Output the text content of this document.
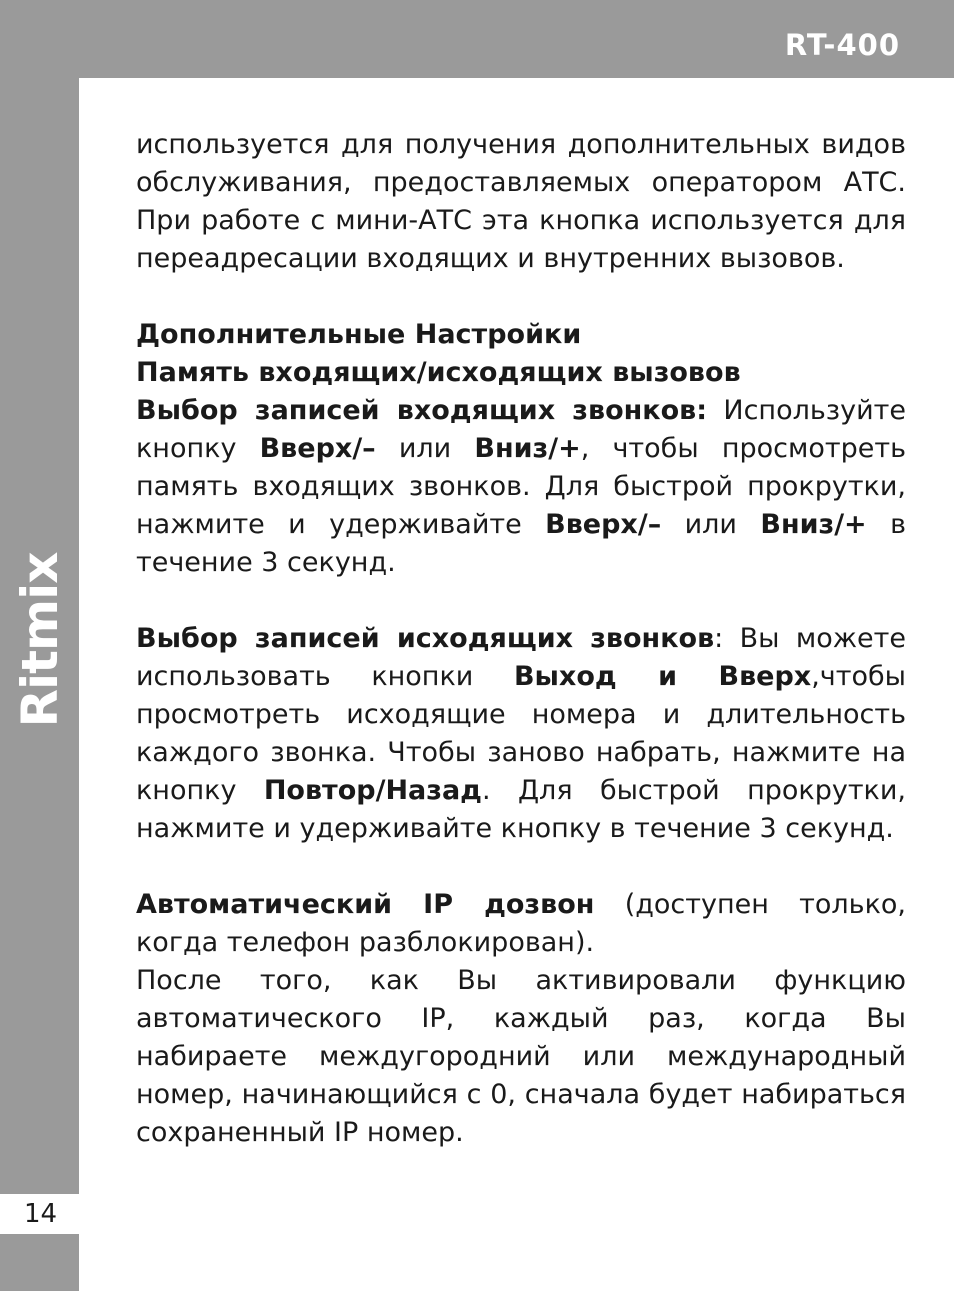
RT-400
Ritmix
14

используется для получения дополнительных видов обслуживания, предоставляемых оператором АТС. При работе с мини-АТС эта кнопка используется для переадресации входящих и внутренних вызовов.

Дополнительные Настройки

Память входящих/исходящих вызовов

Выбор записей входящих звонков: Используйте кнопку Вверх/– или Вниз/+, чтобы просмотреть память входящих звонков. Для быстрой прокрутки, нажмите и удерживайте Вверх/– или Вниз/+ в течение 3 секунд.

Выбор записей исходящих звонков: Вы можете использовать кнопки Выход и Вверх,чтобы просмотреть исходящие номера и длительность каждого звонка. Чтобы заново набрать, нажмите на кнопку Повтор/Назад. Для быстрой прокрутки, нажмите и удерживайте кнопку в течение 3 секунд.

Автоматический IP дозвон (доступен только, когда телефон разблокирован).

После того, как Вы активировали функцию автоматического IP, каждый раз, когда Вы набираете междугородний или международный номер, начинающийся с 0, сначала будет набираться сохраненный IP номер.
